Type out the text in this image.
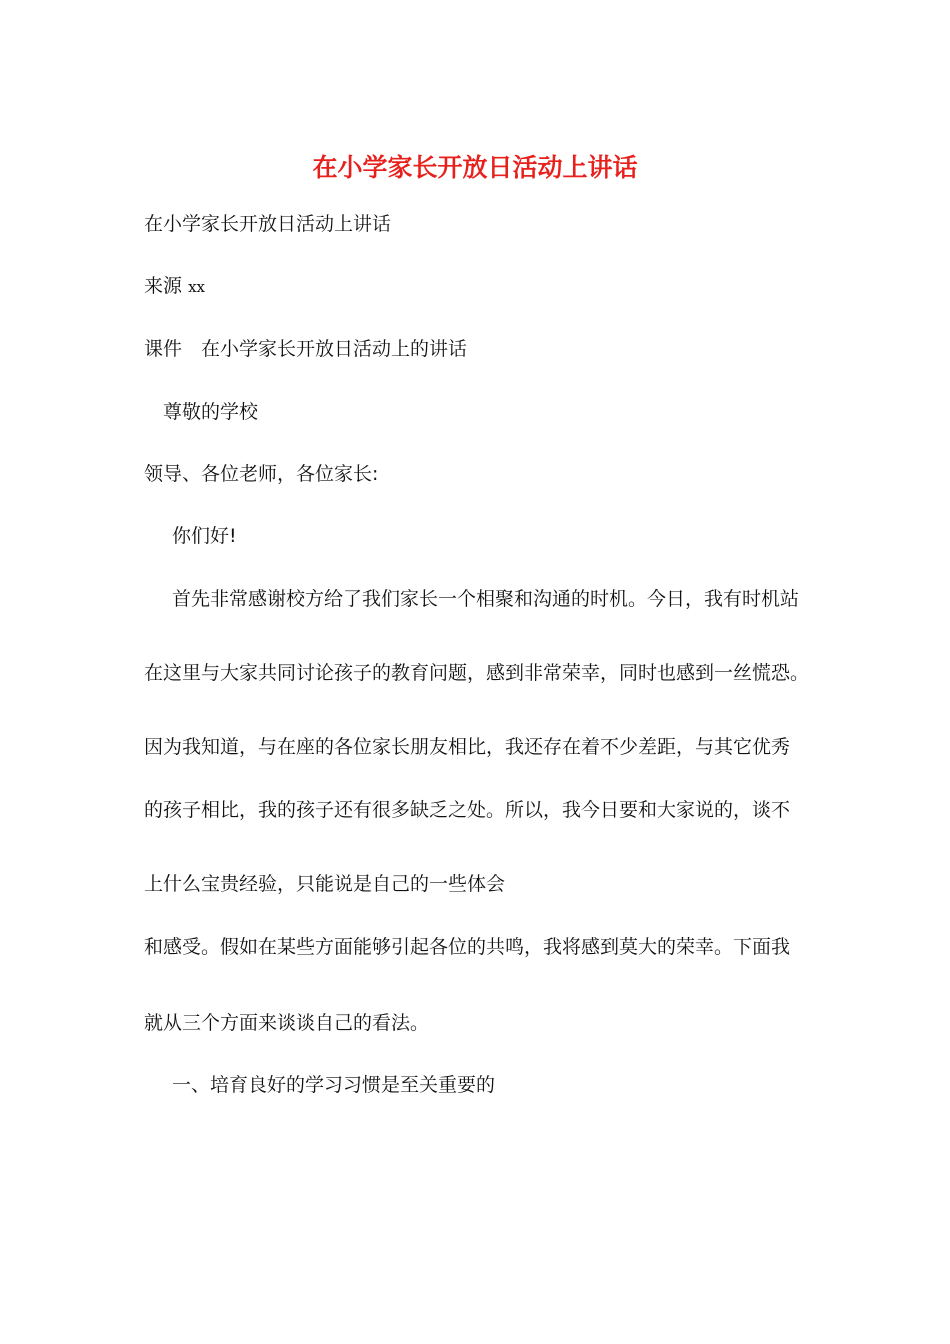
在小学家长开放日活动上讲话
在小学家长开放日活动上讲话
来源 xx
课件　在小学家长开放日活动上的讲话
尊敬的学校
领导、各位老师，各位家长:
你们好!
首先非常感谢校方给了我们家长一个相聚和沟通的时机。今日，我有时机站
在这里与大家共同讨论孩子的教育问题，感到非常荣幸，同时也感到一丝慌恐。
因为我知道，与在座的各位家长朋友相比，我还存在着不少差距，与其它优秀
的孩子相比，我的孩子还有很多缺乏之处。所以，我今日要和大家说的，谈不
上什么宝贵经验，只能说是自己的一些体会
和感受。假如在某些方面能够引起各位的共鸣，我将感到莫大的荣幸。下面我
就从三个方面来谈谈自己的看法。
一、培育良好的学习习惯是至关重要的
